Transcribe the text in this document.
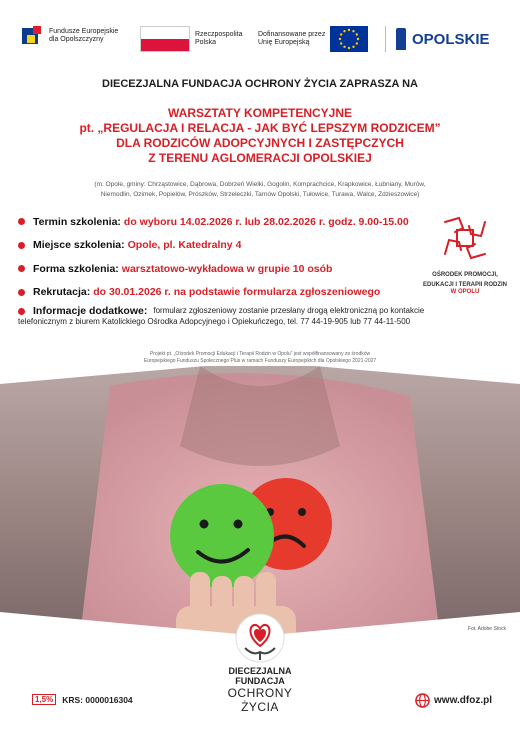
Fundusze Europejskie
dla Opolszczyzny
Rzeczpospolita
Polska
Dofinansowane przez
Unię Europejską	OPOLSKIE
DIECEZJALNA FUNDACJA OCHRONY ŻYCIA ZAPRASZA NA
WARSZTATY KOMPETENCYJNE
pt. „REGULACJA I RELACJA - JAK BYĆ LEPSZYM RODZICEM”
DLA RODZICÓW ADOPCYJNYCH I ZASTĘPCZYCH
Z TERENU AGLOMERACJI OPOLSKIEJ
(m. Opole, gminy: Chrząstowice, Dąbrowa, Dobrzeń Wielki, Gogolin, Komprachcice, Krapkowice, Łubniany, Murów,
Niemodlin, Ozimek, Popielów, Prószków, Strzeleczki, Tarnów Opolski, Tułowice, Turawa, Walce, Zdzieszowice)
Termin szkolenia: do wyboru 14.02.2026 r. lub 28.02.2026 r. godz. 9.00-15.00
Miejsce szkolenia: Opole, pl. Katedralny 4
Forma szkolenia: warsztatowo-wykładowa w grupie 10 osób
Rekrutacja: do 30.01.2026 r. na podstawie formularza zgłoszeniowego
Informacje dodatkowe: formularz zgłoszeniowy zostanie przesłany drogą elektroniczną po kontakcie
telefonicznym z biurem Katolickiego Ośrodka Adopcyjnego i Opiekuńczego, tel. 77 44-19-905 lub 77 44-11-500
OŚRODEK PROMOCJI,
EDUKACJI I TERAPII RODZIN
W OPOLU
Projekt pt. „Ośrodek Promocji Edukacji i Terapii Rodzin w Opolu” jest współfinansowany ze środków
Europejskiego Funduszu Społecznego Plus w ramach Funduszy Europejskich dla Opolskiego 2021-2027
Fot. Adobe Stock
DIECEZJALNA FUNDACJA
OCHRONY ŻYCIA
1,5%	KRS: 0000016304	www.dfoz.pl
